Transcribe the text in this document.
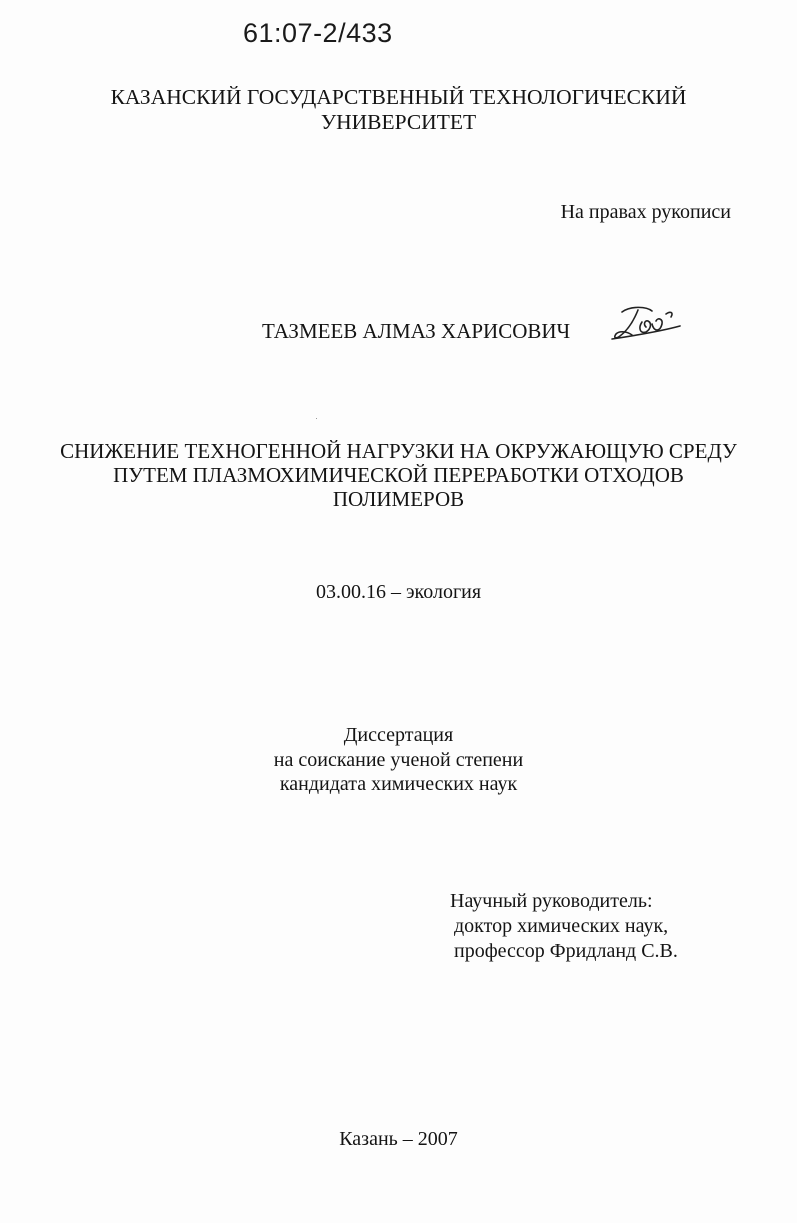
61:07-2/433
КАЗАНСКИЙ ГОСУДАРСТВЕННЫЙ ТЕХНОЛОГИЧЕСКИЙ
УНИВЕРСИТЕТ
На правах рукописи
ТАЗМЕЕВ АЛМАЗ ХАРИСОВИЧ
СНИЖЕНИЕ ТЕХНОГЕННОЙ НАГРУЗКИ НА ОКРУЖАЮЩУЮ СРЕДУ
ПУТЕМ ПЛАЗМОХИМИЧЕСКОЙ ПЕРЕРАБОТКИ ОТХОДОВ
ПОЛИМЕРОВ
03.00.16 – экология
Диссертация
на соискание ученой степени
кандидата химических наук
Научный руководитель:
доктор химических наук,
профессор Фридланд С.В.
Казань – 2007
